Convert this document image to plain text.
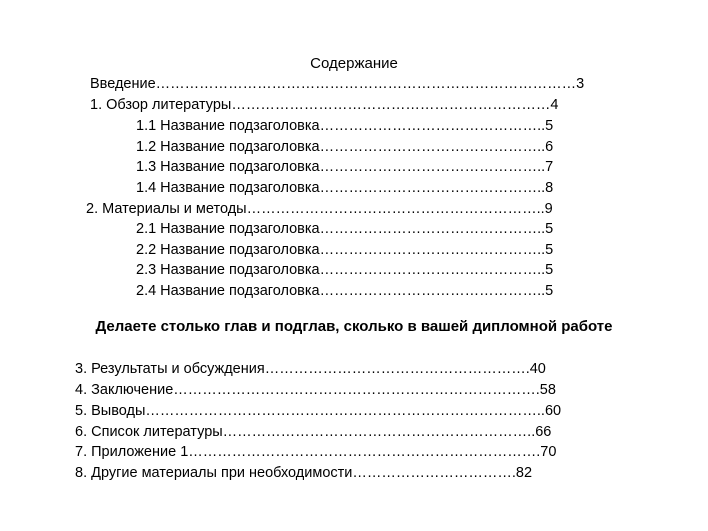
Содержание
Введение……………………………………………………………………………3
1. Обзор литературы…………………………………………………………4
1.1 Название подзаголовка………………………………………..5
1.2 Название подзаголовка………………………………………..6
1.3 Название подзаголовка………………………………………..7
1.4 Название подзаголовка………………………………………..8
2. Материалы и методы……………………………………………………..9
2.1 Название подзаголовка………………………………………..5
2.2 Название подзаголовка………………………………………..5
2.3 Название подзаголовка………………………………………..5
2.4 Название подзаголовка………………………………………..5
Делаете столько глав и подглав, сколько в вашей дипломной работе
3. Результаты и обсуждения……………………………………………….40
4. Заключение………………………………………………………………….58
5. Выводы………………………………………………………………………..60
6. Список литературы………………………………………………………..66
7. Приложение 1……………………………………………………………….70
8. Другие материалы при необходимости…………………………….82
